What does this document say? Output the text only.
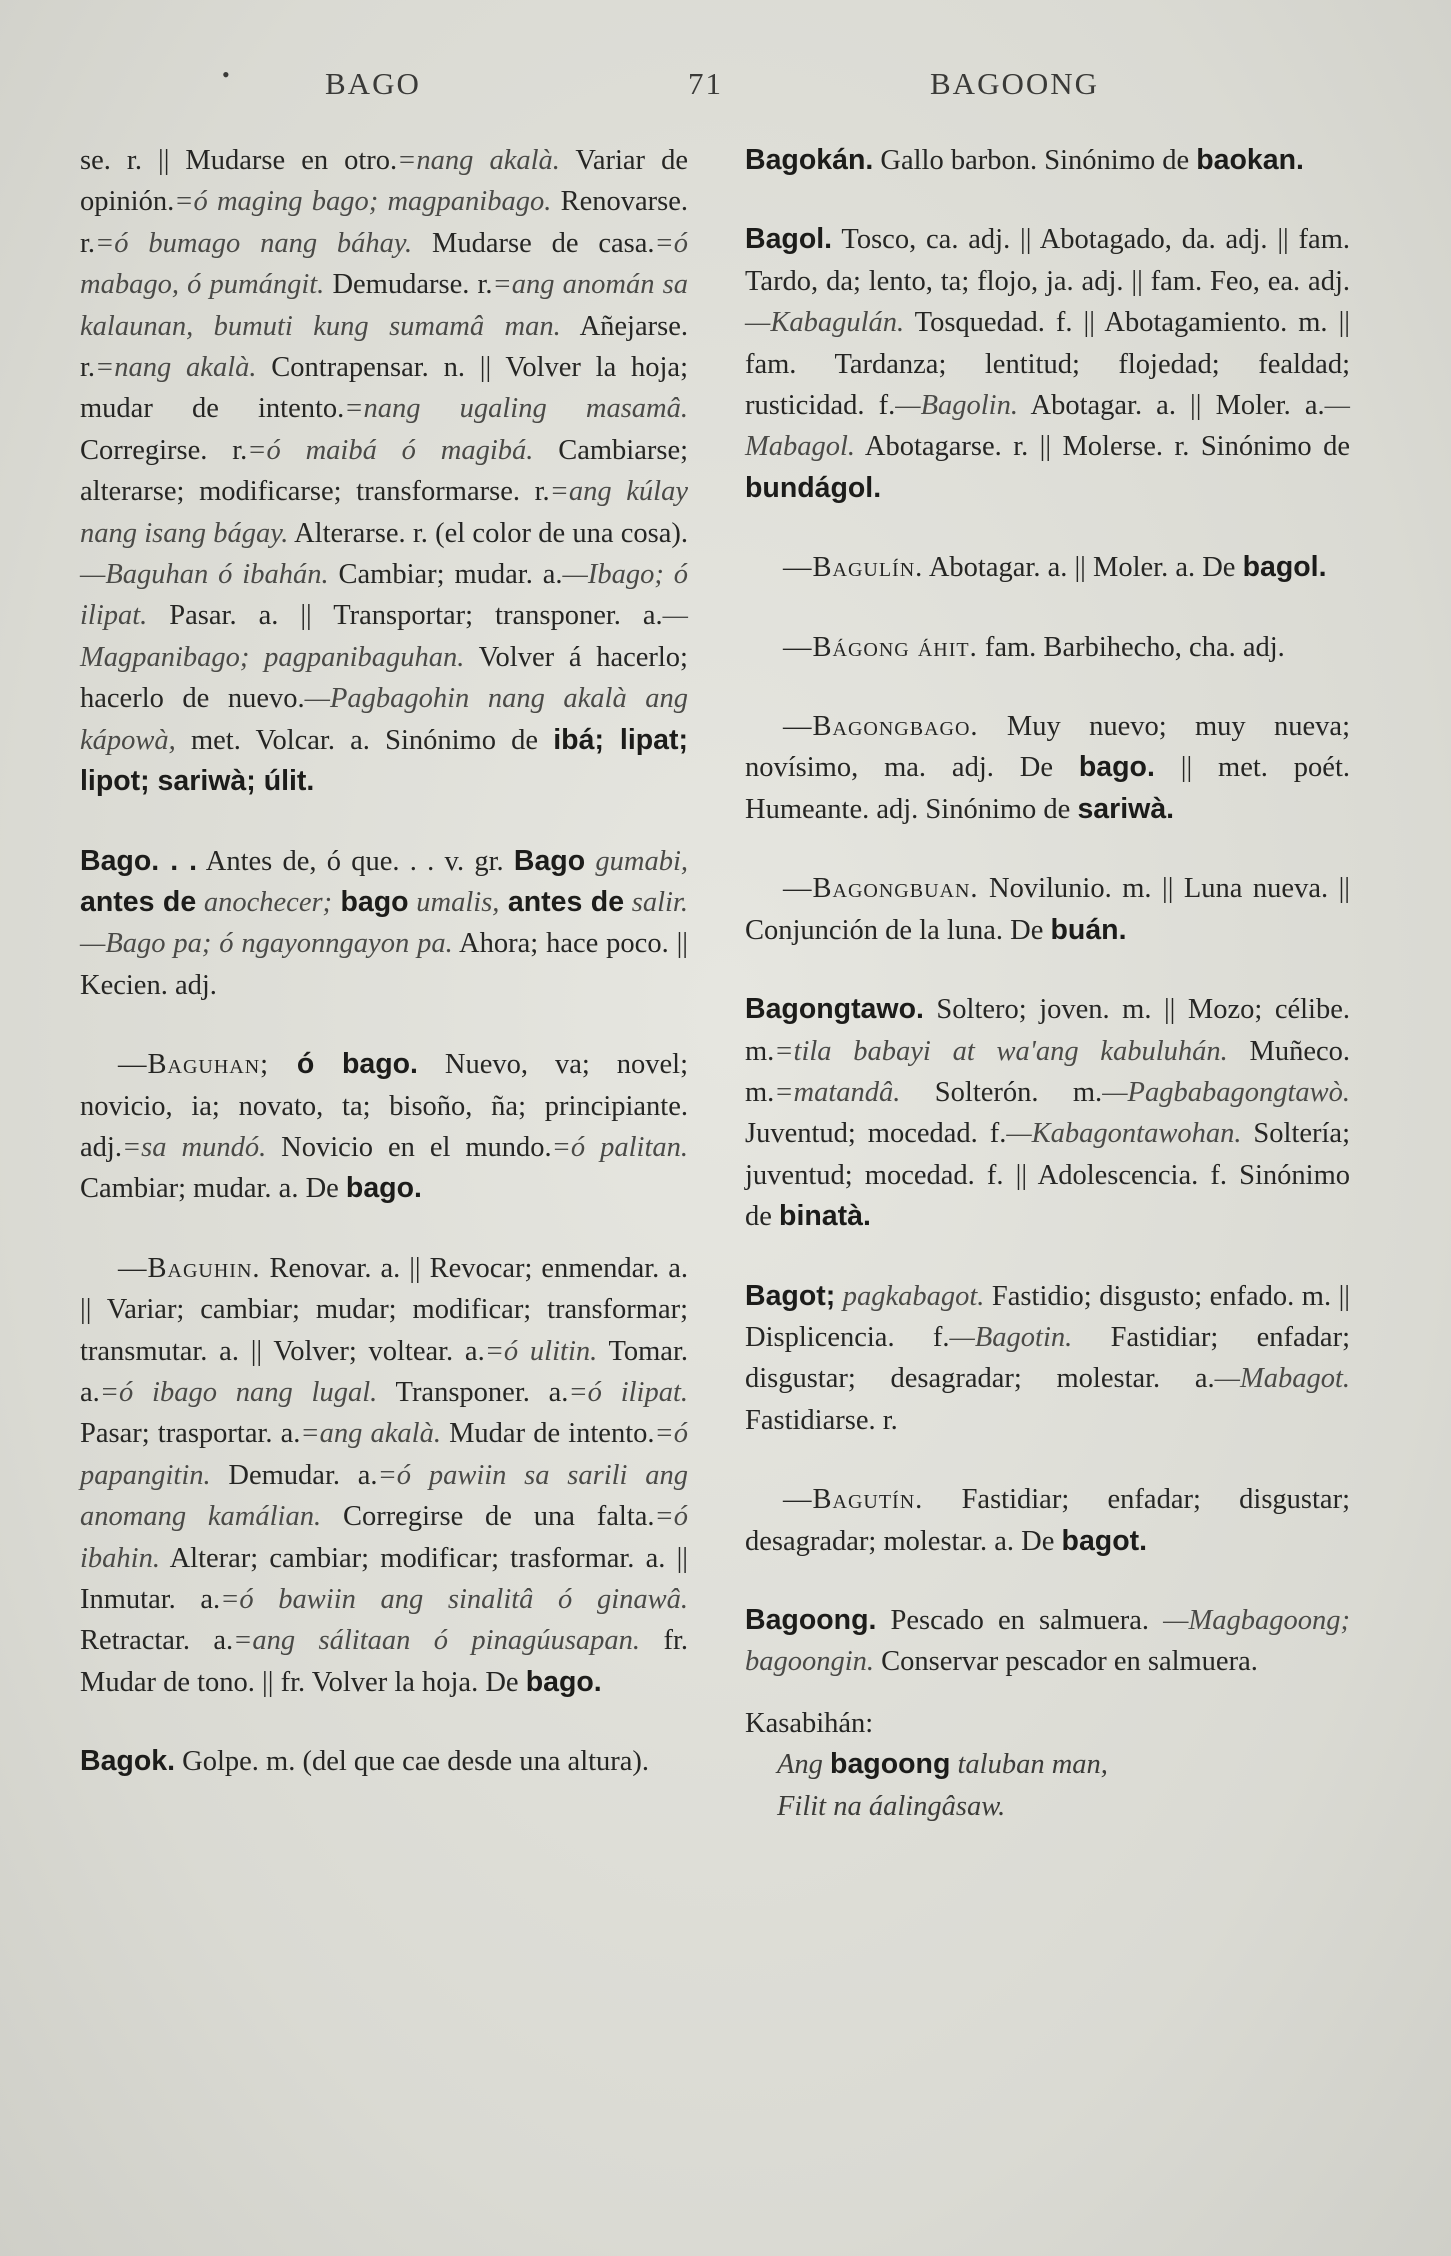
•	BAGO	71	BAGOONG

se. r. || Mudarse en otro.=nang akalà. Variar de opinión.=ó maging bago; magpanibago. Renovarse. r.=ó bumago nang báhay. Mudarse de casa.=ó mabago, ó pumángit. Demudarse. r.=ang anomán sa kalaunan, bumuti kung sumamâ man. Añejarse. r.=nang akalà. Contrapensar. n. || Volver la hoja; mudar de intento.=nang ugaling masamâ. Corregirse. r.=ó maibá ó magibá. Cambiarse; alterarse; modificarse; transformarse. r.=ang kúlay nang isang bágay. Alterarse. r. (el color de una cosa).—Baguhan ó ibahán. Cambiar; mudar. a.—Ibago; ó ilipat. Pasar. a. || Transportar; transponer. a.—Magpanibago; pagpanibaguhan. Volver á hacerlo; hacerlo de nuevo.—Pagbagohin nang akalà ang kápowà, met. Volcar. a. Sinónimo de ibá; lipat; lipot; sariwà; úlit.

Bago. . . Antes de, ó que. . . v. gr. Bago gumabi, antes de anochecer; bago umalis, antes de salir. —Bago pa; ó ngayonngayon pa. Ahora; hace poco. || Kecien. adj.

—Baguhan; ó bago. Nuevo, va; novel; novicio, ia; novato, ta; bisoño, ña; principiante. adj.=sa mundó. Novicio en el mundo.=ó palitan. Cambiar; mudar. a. De bago.

—Baguhin. Renovar. a. || Revocar; enmendar. a. || Variar; cambiar; mudar; modificar; transformar; transmutar. a. || Volver; voltear. a.=ó ulitin. Tomar. a.=ó ibago nang lugal. Transponer. a.=ó ilipat. Pasar; trasportar. a.=ang akalà. Mudar de intento.=ó papangitin. Demudar. a.=ó pawiin sa sarili ang anomang kamálian. Corregirse de una falta.=ó ibahin. Alterar; cambiar; modificar; trasformar. a. || Inmutar. a.=ó bawiin ang sinalitâ ó ginawâ. Retractar. a.=ang sálitaan ó pinagúusapan. fr. Mudar de tono. || fr. Volver la hoja. De bago.

Bagok. Golpe. m. (del que cae desde una altura).

Bagokán. Gallo barbon. Sinónimo de baokan.

Bagol. Tosco, ca. adj. || Abotagado, da. adj. || fam. Tardo, da; lento, ta; flojo, ja. adj. || fam. Feo, ea. adj.—Kabagulán. Tosquedad. f. || Abotagamiento. m. || fam. Tardanza; lentitud; flojedad; fealdad; rusticidad. f.—Bagolin. Abotagar. a. || Moler. a.—Mabagol. Abotagarse. r. || Molerse. r. Sinónimo de bundágol.

—Bagulín. Abotagar. a. || Moler. a. De bagol.

—Bágong áhit. fam. Barbihecho, cha. adj.

—Bagongbago. Muy nuevo; muy nueva; novísimo, ma. adj. De bago. || met. poét. Humeante. adj. Sinónimo de sariwà.

—Bagongbuan. Novilunio. m. || Luna nueva. || Conjunción de la luna. De buán.

Bagongtawo. Soltero; joven. m. || Mozo; célibe. m.=tila babayi at wa'ang kabuluhán. Muñeco. m.=matandâ. Solterón. m.—Pagbabagongtawò. Juventud; mocedad. f.—Kabagontawohan. Soltería; juventud; mocedad. f. || Adolescencia. f. Sinónimo de binatà.

Bagot; pagkabagot. Fastidio; disgusto; enfado. m. || Displicencia. f.—Bagotin. Fastidiar; enfadar; disgustar; desagradar; molestar. a.—Mabagot. Fastidiarse. r.

—Bagutín. Fastidiar; enfadar; disgustar; desagradar; molestar. a. De bagot.

Bagoong. Pescado en salmuera. —Magbagoong; bagoongin. Conservar pescador en salmuera.

Kasabihán:
Ang bagoong taluban man,
Filit na áalingâsaw.
